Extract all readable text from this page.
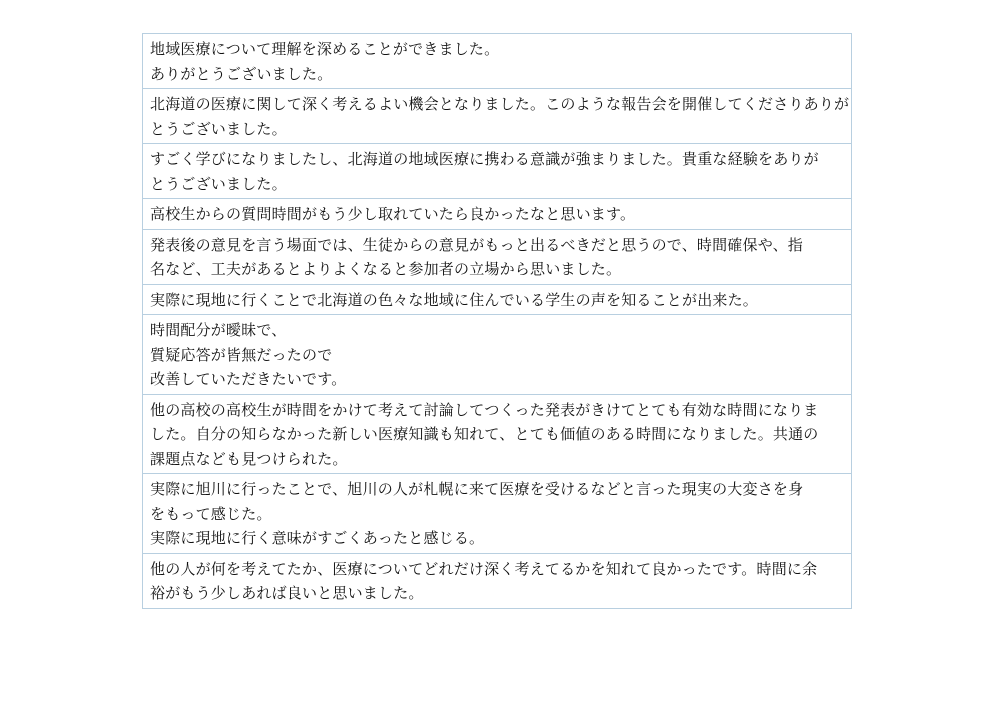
地域医療について理解を深めることができました。
ありがとうございました。
北海道の医療に関して深く考えるよい機会となりました。このような報告会を開催してくださりありが
とうございました。
すごく学びになりましたし、北海道の地域医療に携わる意識が強まりました。貴重な経験をありが
とうございました。
高校生からの質問時間がもう少し取れていたら良かったなと思います。
発表後の意見を言う場面では、生徒からの意見がもっと出るべきだと思うので、時間確保や、指
名など、工夫があるとよりよくなると参加者の立場から思いました。
実際に現地に行くことで北海道の色々な地域に住んでいる学生の声を知ることが出来た。
時間配分が曖昧で、
質疑応答が皆無だったので
改善していただきたいです。
他の高校の高校生が時間をかけて考えて討論してつくった発表がきけてとても有効な時間になりま
した。自分の知らなかった新しい医療知識も知れて、とても価値のある時間になりました。共通の
課題点なども見つけられた。
実際に旭川に行ったことで、旭川の人が札幌に来て医療を受けるなどと言った現実の大変さを身
をもって感じた。
実際に現地に行く意味がすごくあったと感じる。
他の人が何を考えてたか、医療についてどれだけ深く考えてるかを知れて良かったです。時間に余
裕がもう少しあれば良いと思いました。
